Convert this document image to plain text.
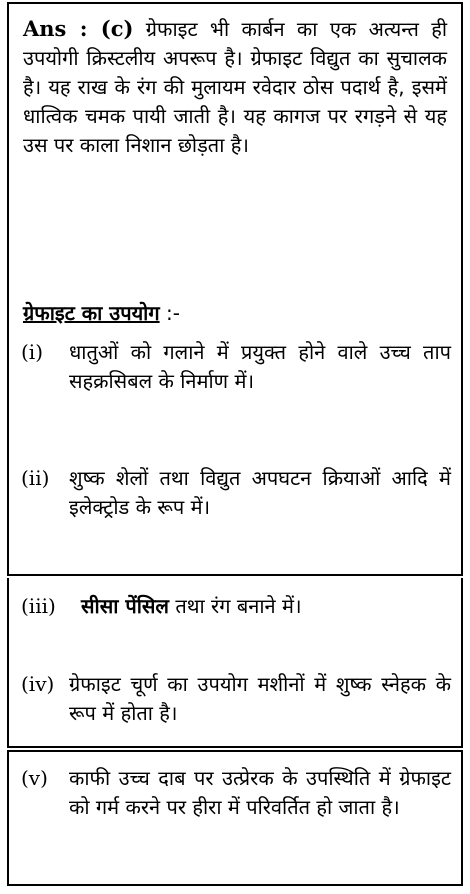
Ans : (c) ग्रेफाइट भी कार्बन का एक अत्यन्त ही उपयोगी क्रिस्टलीय अपरूप है। ग्रेफाइट विद्युत का सुचालक है। यह राख के रंग की मुलायम रवेदार ठोस पदार्थ है, इसमें धात्विक चमक पायी जाती है। यह कागज पर रगड़ने से यह उस पर काला निशान छोड़ता है।

ग्रेफाइट का उपयोग :-
(i) धातुओं को गलाने में प्रयुक्त होने वाले उच्च ताप सहक्रसिबल के निर्माण में।
(ii) शुष्क शेलों तथा विद्युत अपघटन क्रियाओं आदि में इलेक्ट्रोड के रूप में।
(iii) सीसा पेंसिल तथा रंग बनाने में।
(iv) ग्रेफाइट चूर्ण का उपयोग मशीनों में शुष्क स्नेहक के रूप में होता है।
(v) काफी उच्च दाब पर उत्प्रेरक के उपस्थिति में ग्रेफाइट को गर्म करने पर हीरा में परिवर्तित हो जाता है।
